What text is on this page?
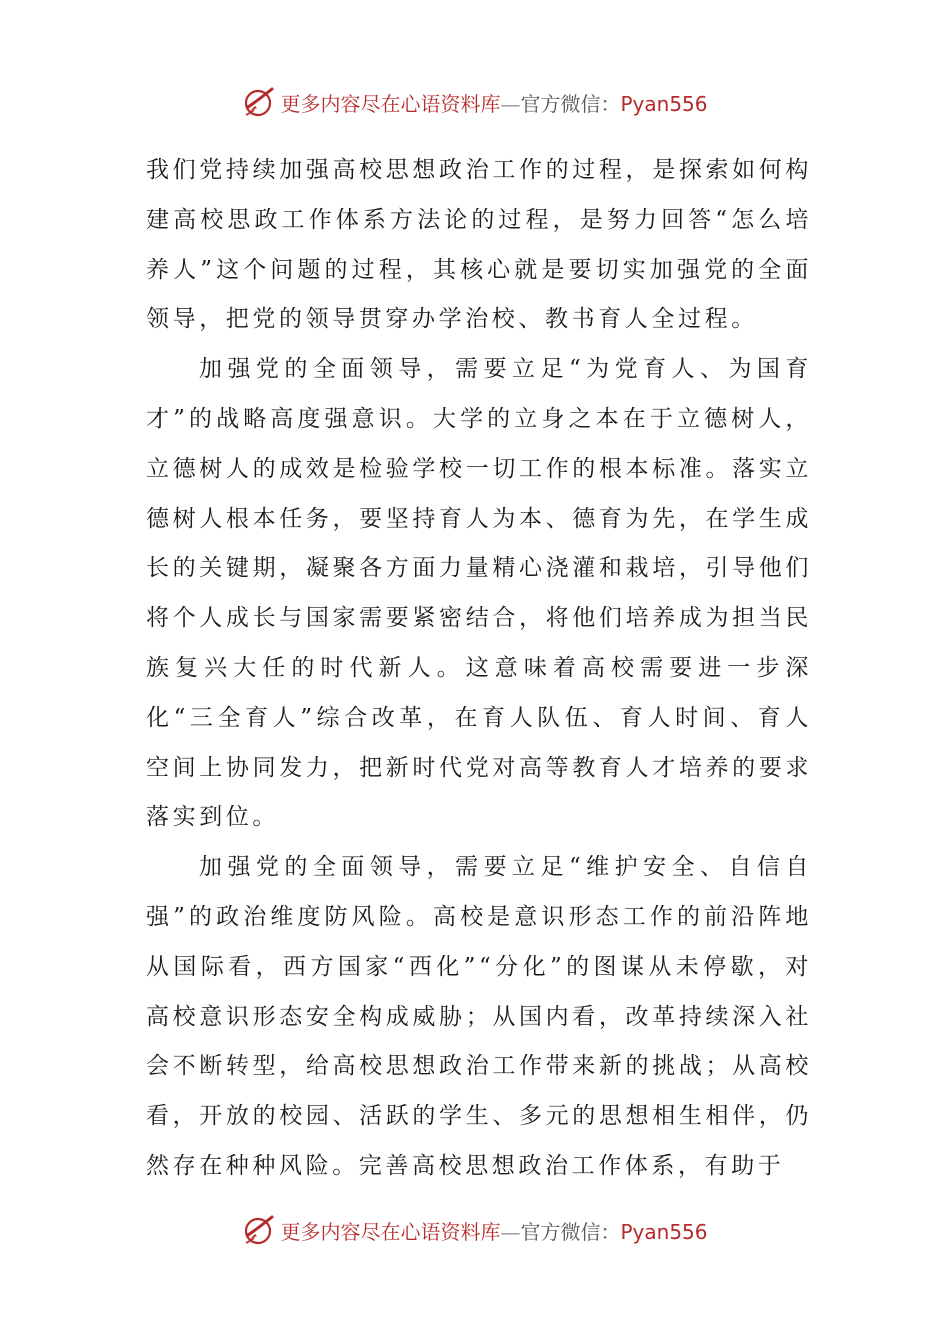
更多内容尽在心语资料库—官方微信：Pyan556

我们党持续加强高校思想政治工作的过程，是探索如何构建高校思政工作体系方法论的过程，是努力回答“怎么培养人”这个问题的过程，其核心就是要切实加强党的全面领导，把党的领导贯穿办学治校、教书育人全过程。

加强党的全面领导，需要立足“为党育人、为国育才”的战略高度强意识。大学的立身之本在于立德树人，立德树人的成效是检验学校一切工作的根本标准。落实立德树人根本任务，要坚持育人为本、德育为先，在学生成长的关键期，凝聚各方面力量精心浇灌和栽培，引导他们将个人成长与国家需要紧密结合，将他们培养成为担当民族复兴大任的时代新人。这意味着高校需要进一步深化“三全育人”综合改革，在育人队伍、育人时间、育人空间上协同发力，把新时代党对高等教育人才培养的要求落实到位。

加强党的全面领导，需要立足“维护安全、自信自强”的政治维度防风险。高校是意识形态工作的前沿阵地从国际看，西方国家“西化”“分化”的图谋从未停歇，对高校意识形态安全构成威胁；从国内看，改革持续深入社会不断转型，给高校思想政治工作带来新的挑战；从高校看，开放的校园、活跃的学生、多元的思想相生相伴，仍然存在种种风险。完善高校思想政治工作体系，有助于

更多内容尽在心语资料库—官方微信：Pyan556
